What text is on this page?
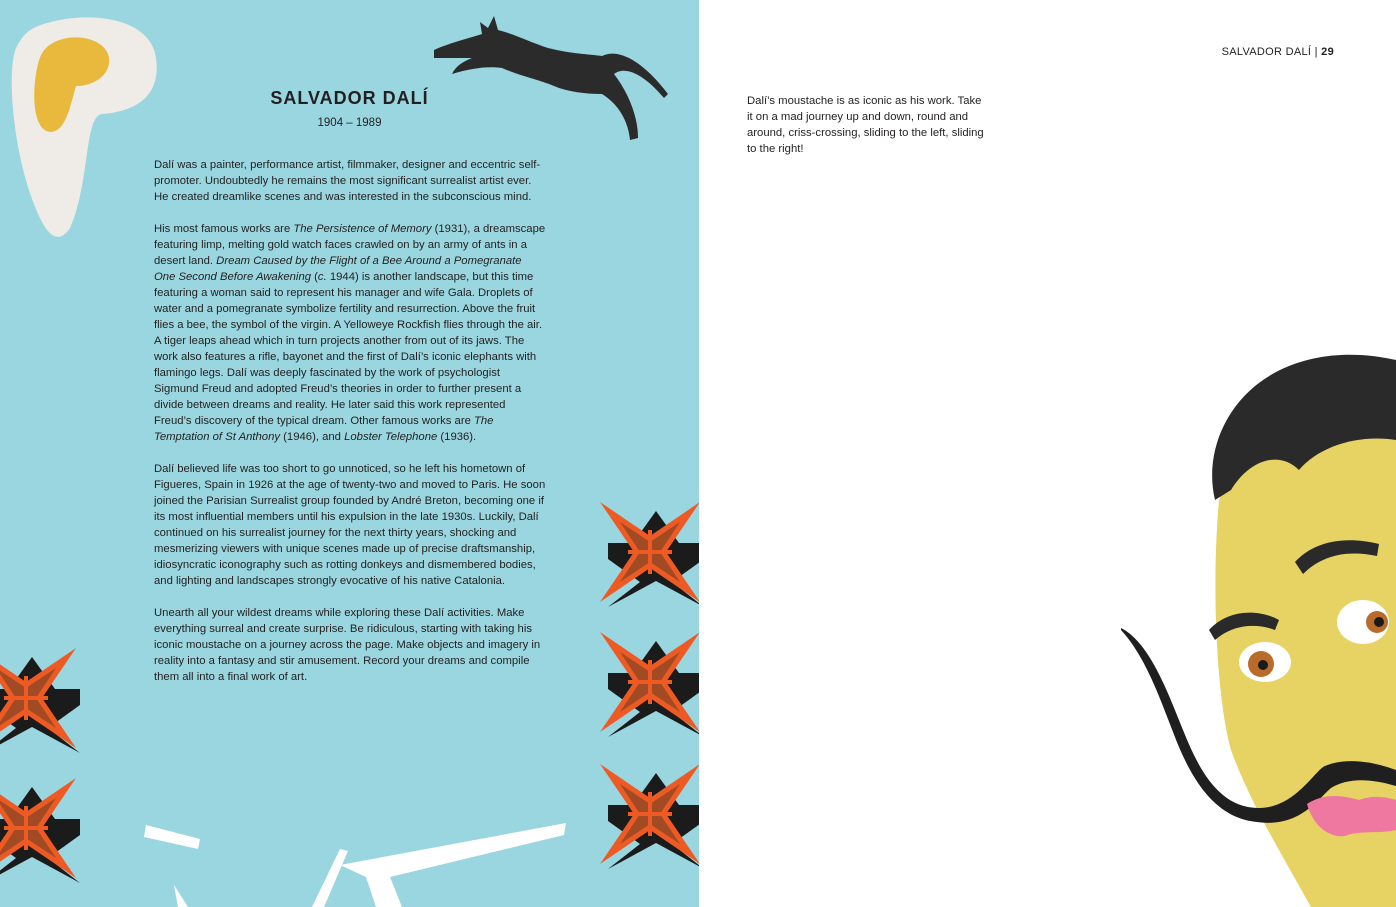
SALVADOR DALÍ
1904 – 1989

Dalí was a painter, performance artist, filmmaker, designer and eccentric self-promoter. Undoubtedly he remains the most significant surrealist artist ever. He created dreamlike scenes and was interested in the subconscious mind.

His most famous works are The Persistence of Memory (1931), a dreamscape featuring limp, melting gold watch faces crawled on by an army of ants in a desert land. Dream Caused by the Flight of a Bee Around a Pomegranate One Second Before Awakening (c. 1944) is another landscape, but this time featuring a woman said to represent his manager and wife Gala. Droplets of water and a pomegranate symbolize fertility and resurrection. Above the fruit flies a bee, the symbol of the virgin. A Yelloweye Rockfish flies through the air. A tiger leaps ahead which in turn projects another from out of its jaws. The work also features a rifle, bayonet and the first of Dalí’s iconic elephants with flamingo legs. Dalí was deeply fascinated by the work of psychologist Sigmund Freud and adopted Freud’s theories in order to further present a divide between dreams and reality. He later said this work represented Freud’s discovery of the typical dream. Other famous works are The Temptation of St Anthony (1946), and Lobster Telephone (1936).

Dalí believed life was too short to go unnoticed, so he left his hometown of Figueres, Spain in 1926 at the age of twenty-two and moved to Paris. He soon joined the Parisian Surrealist group founded by André Breton, becoming one if its most influential members until his expulsion in the late 1930s. Luckily, Dalí continued on his surrealist journey for the next thirty years, shocking and mesmerizing viewers with unique scenes made up of precise draftsmanship, idiosyncratic iconography such as rotting donkeys and dismembered bodies, and lighting and landscapes strongly evocative of his native Catalonia.

Unearth all your wildest dreams while exploring these Dalí activities. Make everything surreal and create surprise. Be ridiculous, starting with taking his iconic moustache on a journey across the page. Make objects and imagery in reality into a fantasy and stir amusement. Record your dreams and compile them all into a final work of art.

SALVADOR DALÍ | 29

Dalí’s moustache is as iconic as his work. Take it on a mad journey up and down, round and around, criss-crossing, sliding to the left, sliding to the right!
